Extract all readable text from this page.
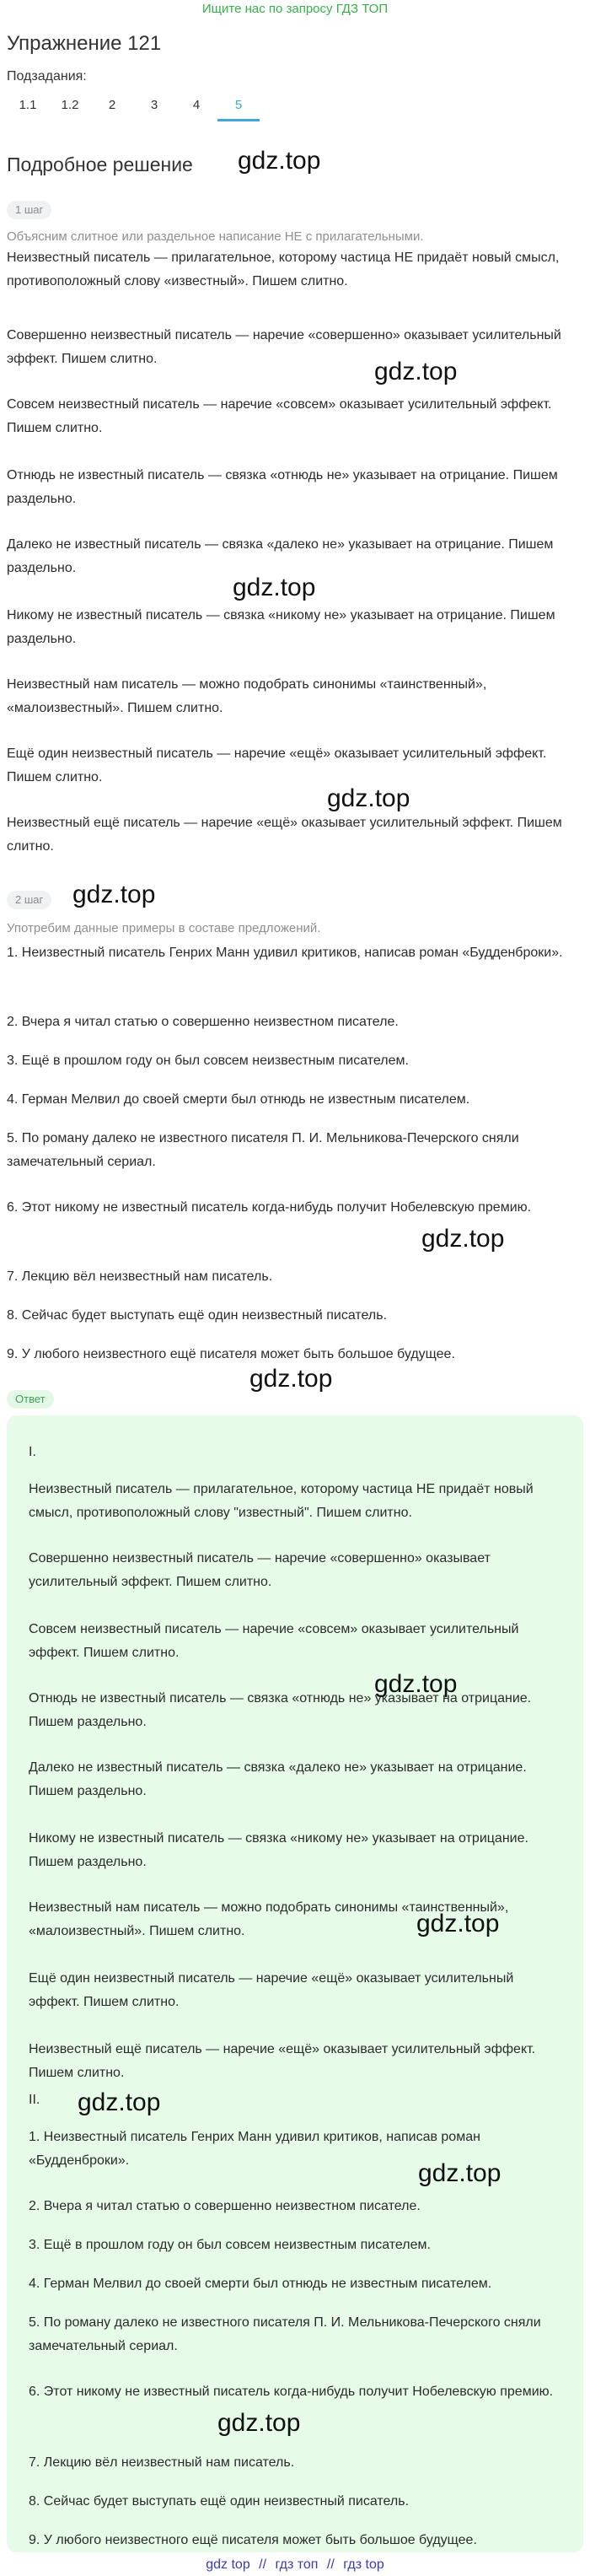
Ищите нас по запросу ГДЗ ТОП
Упражнение 121
Подзадания:
1.1	1.2	2	3	4	5
Подробное решение gdz.top
gdz.top
gdz.top
gdz.top
gdz.top
gdz.top
gdz.top
1 шаг
Объясним слитное или раздельное написание НЕ с прилагательными.
Неизвестный писатель — прилагательное, которому частица НЕ придаёт новый смысл, противоположный слову «известный». Пишем слитно.
Совершенно неизвестный писатель — наречие «совершенно» оказывает усилительный эффект. Пишем слитно.
Совсем неизвестный писатель — наречие «совсем» оказывает усилительный эффект. Пишем слитно.
Отнюдь не известный писатель — связка «отнюдь не» указывает на отрицание. Пишем раздельно.
Далеко не известный писатель — связка «далеко не» указывает на отрицание. Пишем раздельно.
Никому не известный писатель — связка «никому не» указывает на отрицание. Пишем раздельно.
Неизвестный нам писатель — можно подобрать синонимы «таинственный», «малоизвестный». Пишем слитно.
Ещё один неизвестный писатель — наречие «ещё» оказывает усилительный эффект. Пишем слитно.
Неизвестный ещё писатель — наречие «ещё» оказывает усилительный эффект. Пишем слитно.
2 шаг
Употребим данные примеры в составе предложений.
1. Неизвестный писатель Генрих Манн удивил критиков, написав роман «Будденброки».
2. Вчера я читал статью о совершенно неизвестном писателе.
3. Ещё в прошлом году он был совсем неизвестным писателем.
4. Герман Мелвил до своей смерти был отнюдь не известным писателем.
5. По роману далеко не известного писателя П. И. Мельникова-Печерского сняли замечательный сериал.
6. Этот никому не известный писатель когда-нибудь получит Нобелевскую премию.
7. Лекцию вёл неизвестный нам писатель.
8. Сейчас будет выступать ещё один неизвестный писатель.
9. У любого неизвестного ещё писателя может быть большое будущее.
Ответ
I.
Неизвестный писатель — прилагательное, которому частица НЕ придаёт новый смысл, противоположный слову "известный". Пишем слитно.
Совершенно неизвестный писатель — наречие «совершенно» оказывает усилительный эффект. Пишем слитно.
Совсем неизвестный писатель — наречие «совсем» оказывает усилительный эффект. Пишем слитно.
Отнюдь не известный писатель — связка «отнюдь не» указывает на отрицание. Пишем раздельно.
Далеко не известный писатель — связка «далеко не» указывает на отрицание. Пишем раздельно.
Никому не известный писатель — связка «никому не» указывает на отрицание. Пишем раздельно.
Неизвестный нам писатель — можно подобрать синонимы «таинственный», «малоизвестный». Пишем слитно.
Ещё один неизвестный писатель — наречие «ещё» оказывает усилительный эффект. Пишем слитно.
Неизвестный ещё писатель — наречие «ещё» оказывает усилительный эффект. Пишем слитно.
II.
1. Неизвестный писатель Генрих Манн удивил критиков, написав роман «Будденброки».
2. Вчера я читал статью о совершенно неизвестном писателе.
3. Ещё в прошлом году он был совсем неизвестным писателем.
4. Герман Мелвил до своей смерти был отнюдь не известным писателем.
5. По роману далеко не известного писателя П. И. Мельникова-Печерского сняли замечательный сериал.
6. Этот никому не известный писатель когда-нибудь получит Нобелевскую премию.
7. Лекцию вёл неизвестный нам писатель.
8. Сейчас будет выступать ещё один неизвестный писатель.
9. У любого неизвестного ещё писателя может быть большое будущее.
gdz.top
gdz.top
gdz.top
gdz.top
gdz.top
gdz top // гдз топ // гдз top
